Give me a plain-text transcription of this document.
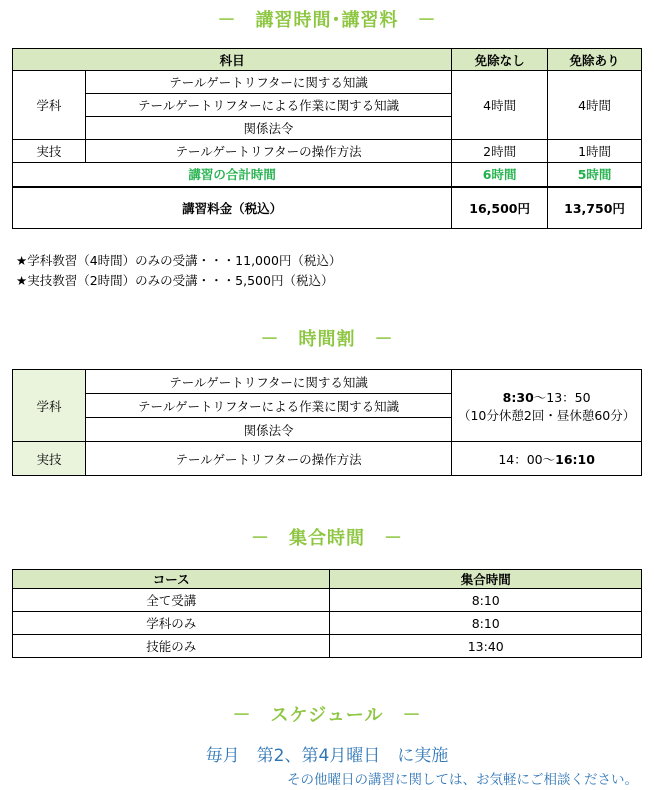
－　講習時間･講習料　－
科目		免除なし	免除あり
学科	テールゲートリフターに関する知識	4時間	4時間
	テールゲートリフターによる作業に関する知識		
	関係法令		
実技	テールゲートリフターの操作方法	2時間	1時間
講習の合計時間		6時間	5時間
講習料金（税込）		16,500円	13,750円
★学科教習（4時間）のみの受講・・・11,000円（税込）
★実技教習（2時間）のみの受講・・・5,500円（税込）
－　時間割　－
学科	テールゲートリフターに関する知識	8:30～13：50
（10分休憩2回・昼休憩60分）

	テールゲートリフターによる作業に関する知識	
	関係法令	
実技	テールゲートリフターの操作方法	14：00～16:10
－　集合時間　－
コース	集合時間
全て受講	8:10
学科のみ	8:10
技能のみ	13:40
－　スケジュール　－
毎月　第2、第4月曜日　に実施
その他曜日の講習に関しては、お気軽にご相談ください。
